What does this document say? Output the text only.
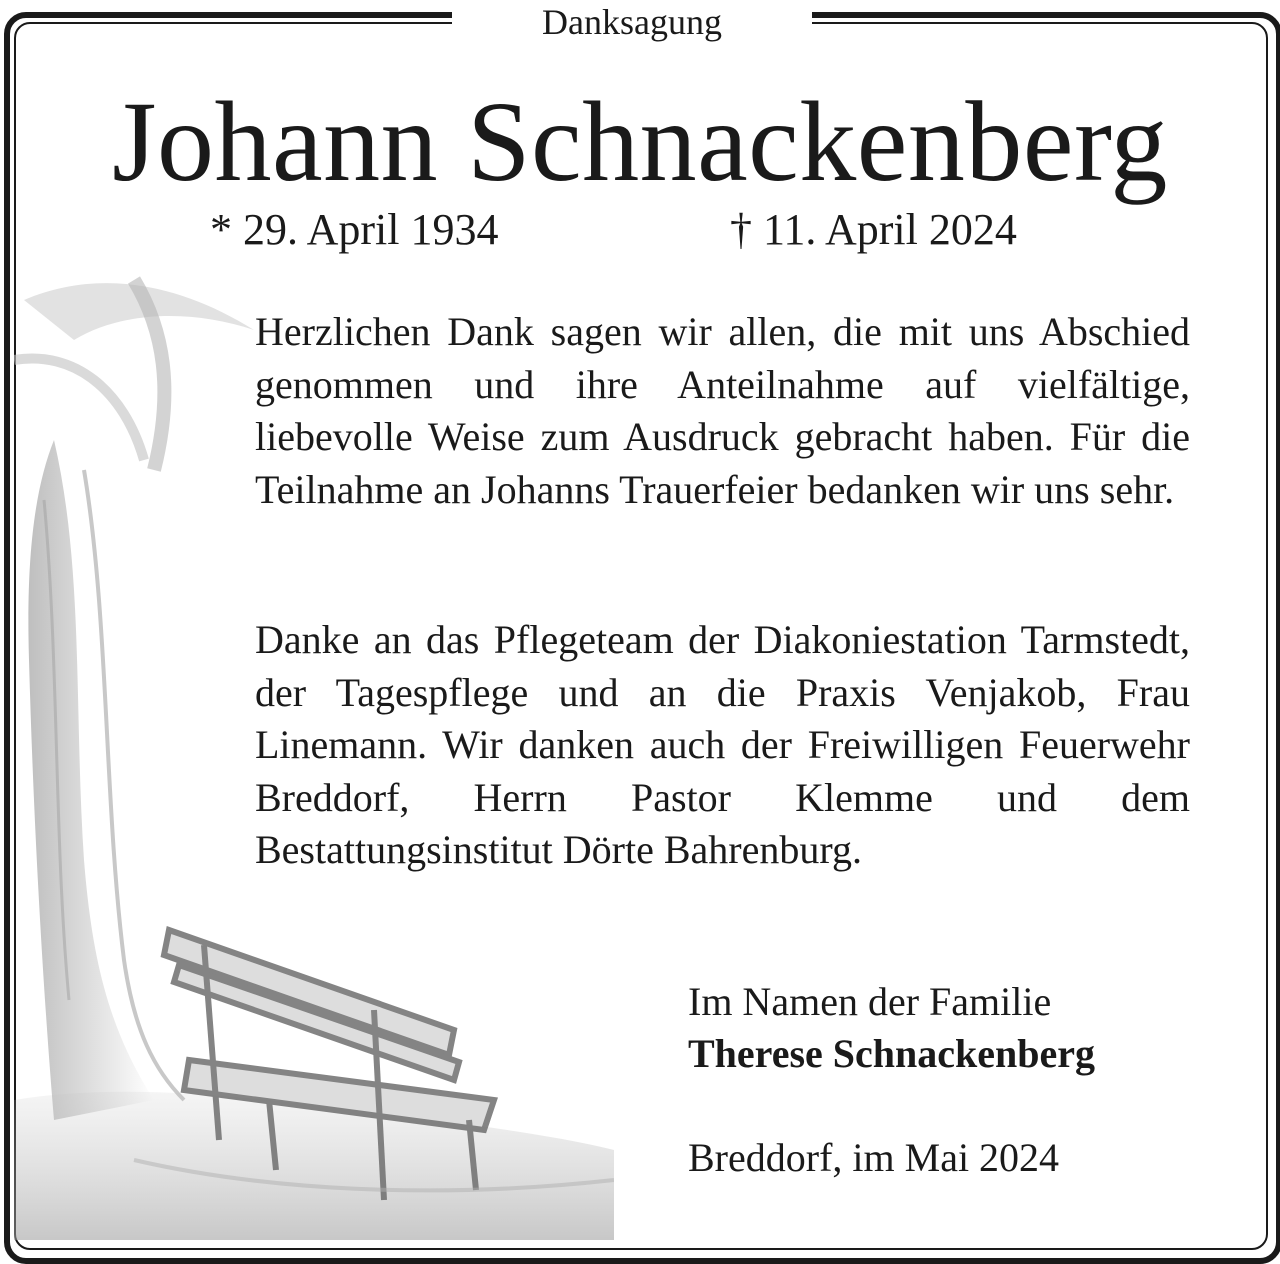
Danksagung
Johann Schnackenberg
* 29. April 1934	† 11. April 2024

Herzlichen Dank sagen wir allen, die mit uns Abschied genommen und ihre Anteilnahme auf vielfältige, liebevolle Weise zum Ausdruck gebracht haben. Für die Teilnahme an Johanns Trauerfeier bedanken wir uns sehr.

Danke an das Pflegeteam der Diakoniestation Tarmstedt, der Tagespflege und an die Praxis Venjakob, Frau Linemann. Wir danken auch der Freiwilligen Feuerwehr Breddorf, Herrn Pastor Klemme und dem Bestattungsinstitut Dörte Bahrenburg.

Im Namen der Familie
Therese Schnackenberg
Breddorf, im Mai 2024
